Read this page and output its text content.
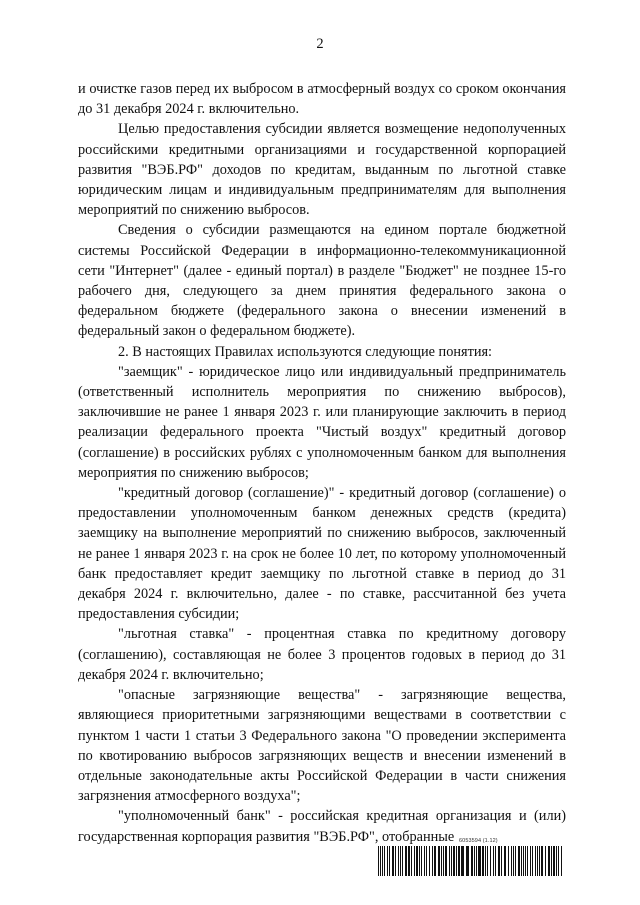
2

и очистке газов перед их выбросом в атмосферный воздух со сроком окончания до 31 декабря 2024 г. включительно.

Целью предоставления субсидии является возмещение недополученных российскими кредитными организациями и государственной корпорацией развития "ВЭБ.РФ" доходов по кредитам, выданным по льготной ставке юридическим лицам и индивидуальным предпринимателям для выполнения мероприятий по снижению выбросов.

Сведения о субсидии размещаются на едином портале бюджетной системы Российской Федерации в информационно-телекоммуникационной сети "Интернет" (далее - единый портал) в разделе "Бюджет" не позднее 15-го рабочего дня, следующего за днем принятия федерального закона о федеральном бюджете (федерального закона о внесении изменений в федеральный закон о федеральном бюджете).

2. В настоящих Правилах используются следующие понятия:

"заемщик" - юридическое лицо или индивидуальный предприниматель (ответственный исполнитель мероприятия по снижению выбросов), заключившие не ранее 1 января 2023 г. или планирующие заключить в период реализации федерального проекта "Чистый воздух" кредитный договор (соглашение) в российских рублях с уполномоченным банком для выполнения мероприятия по снижению выбросов;

"кредитный договор (соглашение)" - кредитный договор (соглашение) о предоставлении уполномоченным банком денежных средств (кредита) заемщику на выполнение мероприятий по снижению выбросов, заключенный не ранее 1 января 2023 г. на срок не более 10 лет, по которому уполномоченный банк предоставляет кредит заемщику по льготной ставке в период до 31 декабря 2024 г. включительно, далее - по ставке, рассчитанной без учета предоставления субсидии;

"льготная ставка" - процентная ставка по кредитному договору (соглашению), составляющая не более 3 процентов годовых в период до 31 декабря 2024 г. включительно;

"опасные загрязняющие вещества" - загрязняющие вещества, являющиеся приоритетными загрязняющими веществами в соответствии с пунктом 1 части 1 статьи 3 Федерального закона "О проведении эксперимента по квотированию выбросов загрязняющих веществ и внесении изменений в отдельные законодательные акты Российской Федерации в части снижения загрязнения атмосферного воздуха";

"уполномоченный банк" - российская кредитная организация и (или) государственная корпорация развития "ВЭБ.РФ", отобранные 6053594 (1.12)
